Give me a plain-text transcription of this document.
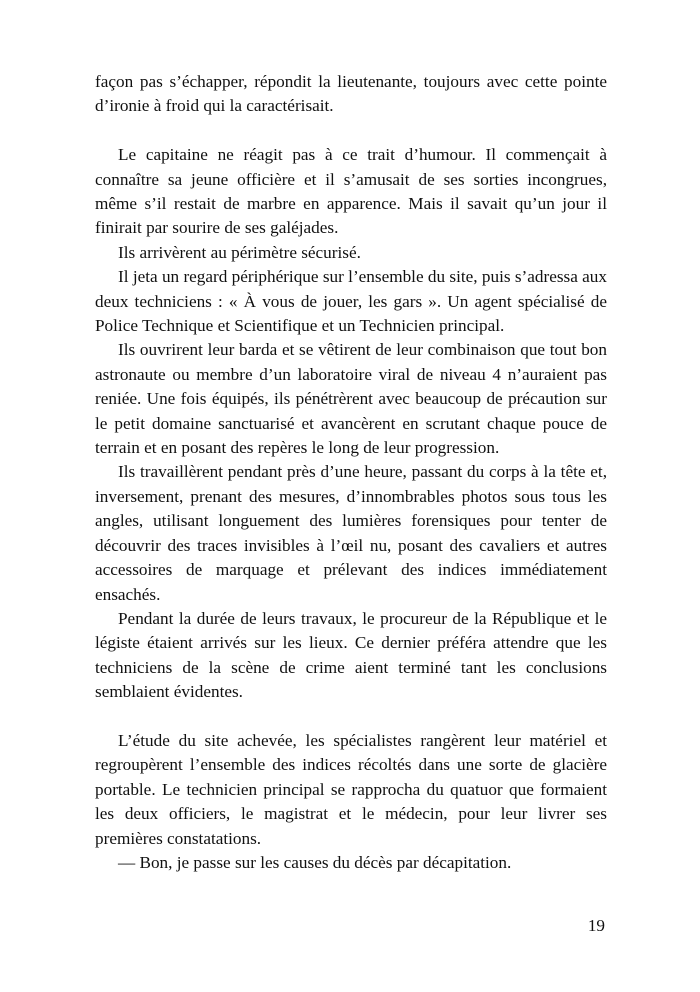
façon pas s’échapper, répondit la lieutenante, toujours avec cette pointe d’ironie à froid qui la caractérisait.

Le capitaine ne réagit pas à ce trait d’humour. Il commençait à connaître sa jeune officière et il s’amusait de ses sorties incongrues, même s’il restait de marbre en apparence. Mais il savait qu’un jour il finirait par sourire de ses galéjades.

Ils arrivèrent au périmètre sécurisé.

Il jeta un regard périphérique sur l’ensemble du site, puis s’adressa aux deux techniciens : « À vous de jouer, les gars ». Un agent spécialisé de Police Technique et Scientifique et un Technicien principal.

Ils ouvrirent leur barda et se vêtirent de leur combinaison que tout bon astronaute ou membre d’un laboratoire viral de niveau 4 n’auraient pas reniée. Une fois équipés, ils pénétrèrent avec beaucoup de précaution sur le petit domaine sanctuarisé et avancèrent en scrutant chaque pouce de terrain et en posant des repères le long de leur progression.

Ils travaillèrent pendant près d’une heure, passant du corps à la tête et, inversement, prenant des mesures, d’innombrables photos sous tous les angles, utilisant longuement des lumières forensiques pour tenter de découvrir des traces invisibles à l’œil nu, posant des cavaliers et autres accessoires de marquage et prélevant des indices immédiatement ensachés.

Pendant la durée de leurs travaux, le procureur de la République et le légiste étaient arrivés sur les lieux. Ce dernier préféra attendre que les techniciens de la scène de crime aient terminé tant les conclusions semblaient évidentes.

L’étude du site achevée, les spécialistes rangèrent leur matériel et regroupèrent l’ensemble des indices récoltés dans une sorte de glacière portable. Le technicien principal se rapprocha du quatuor que formaient les deux officiers, le magistrat et le médecin, pour leur livrer ses premières constatations.

— Bon, je passe sur les causes du décès par décapitation.

19
